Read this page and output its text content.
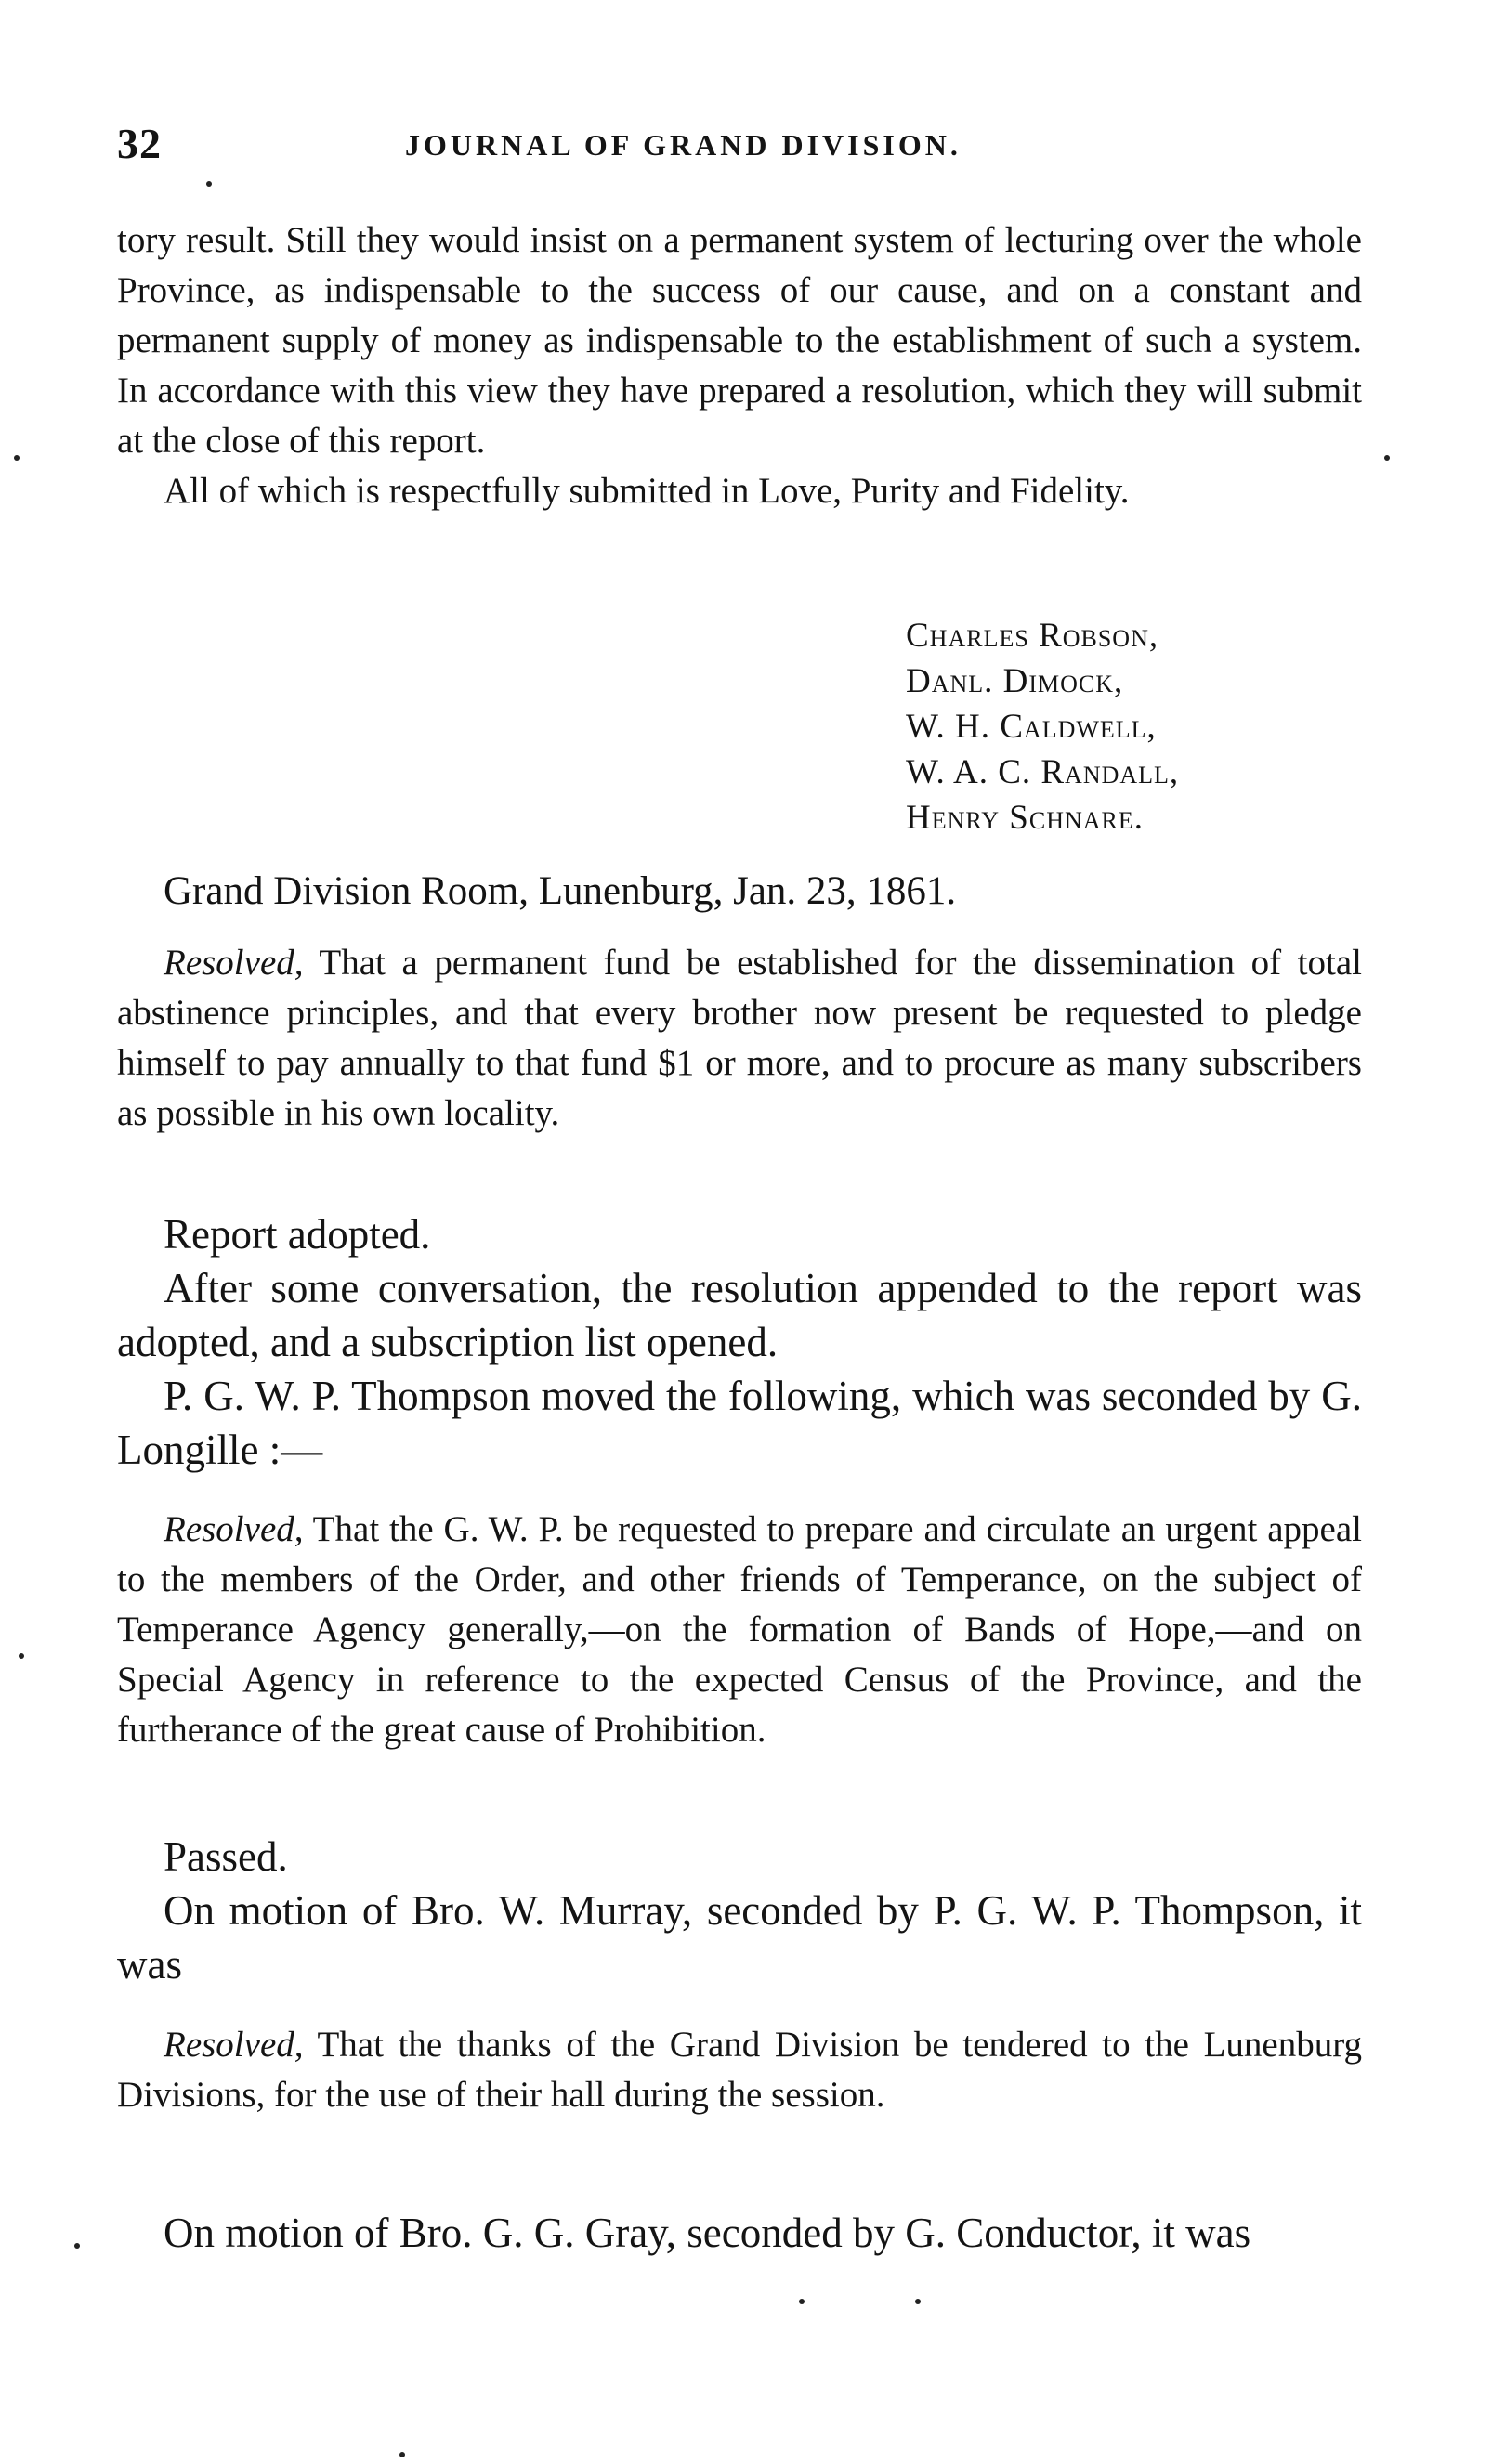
32	JOURNAL OF GRAND DIVISION.

tory result. Still they would insist on a permanent system of lecturing over the whole Province, as indispensable to the success of our cause, and on a constant and permanent supply of money as indispensable to the establishment of such a system. In accordance with this view they have prepared a resolution, which they will submit at the close of this report.

All of which is respectfully submitted in Love, Purity and Fidelity.

Charles Robson,
Danl. Dimock,
W. H. Caldwell,
W. A. C. Randall,
Henry Schnare.
Grand Division Room, Lunenburg, Jan. 23, 1861.

Resolved, That a permanent fund be established for the dissemination of total abstinence principles, and that every brother now present be requested to pledge himself to pay annually to that fund $1 or more, and to procure as many subscribers as possible in his own locality.

Report adopted.

After some conversation, the resolution appended to the report was adopted, and a subscription list opened.

P. G. W. P. Thompson moved the following, which was seconded by G. Longille :—

Resolved, That the G. W. P. be requested to prepare and circulate an urgent appeal to the members of the Order, and other friends of Temperance, on the subject of Temperance Agency generally,—on the formation of Bands of Hope,—and on Special Agency in reference to the expected Census of the Province, and the furtherance of the great cause of Prohibition.

Passed.

On motion of Bro. W. Murray, seconded by P. G. W. P. Thompson, it was

Resolved, That the thanks of the Grand Division be tendered to the Lunenburg Divisions, for the use of their hall during the session.

On motion of Bro. G. G. Gray, seconded by G. Conductor, it was
